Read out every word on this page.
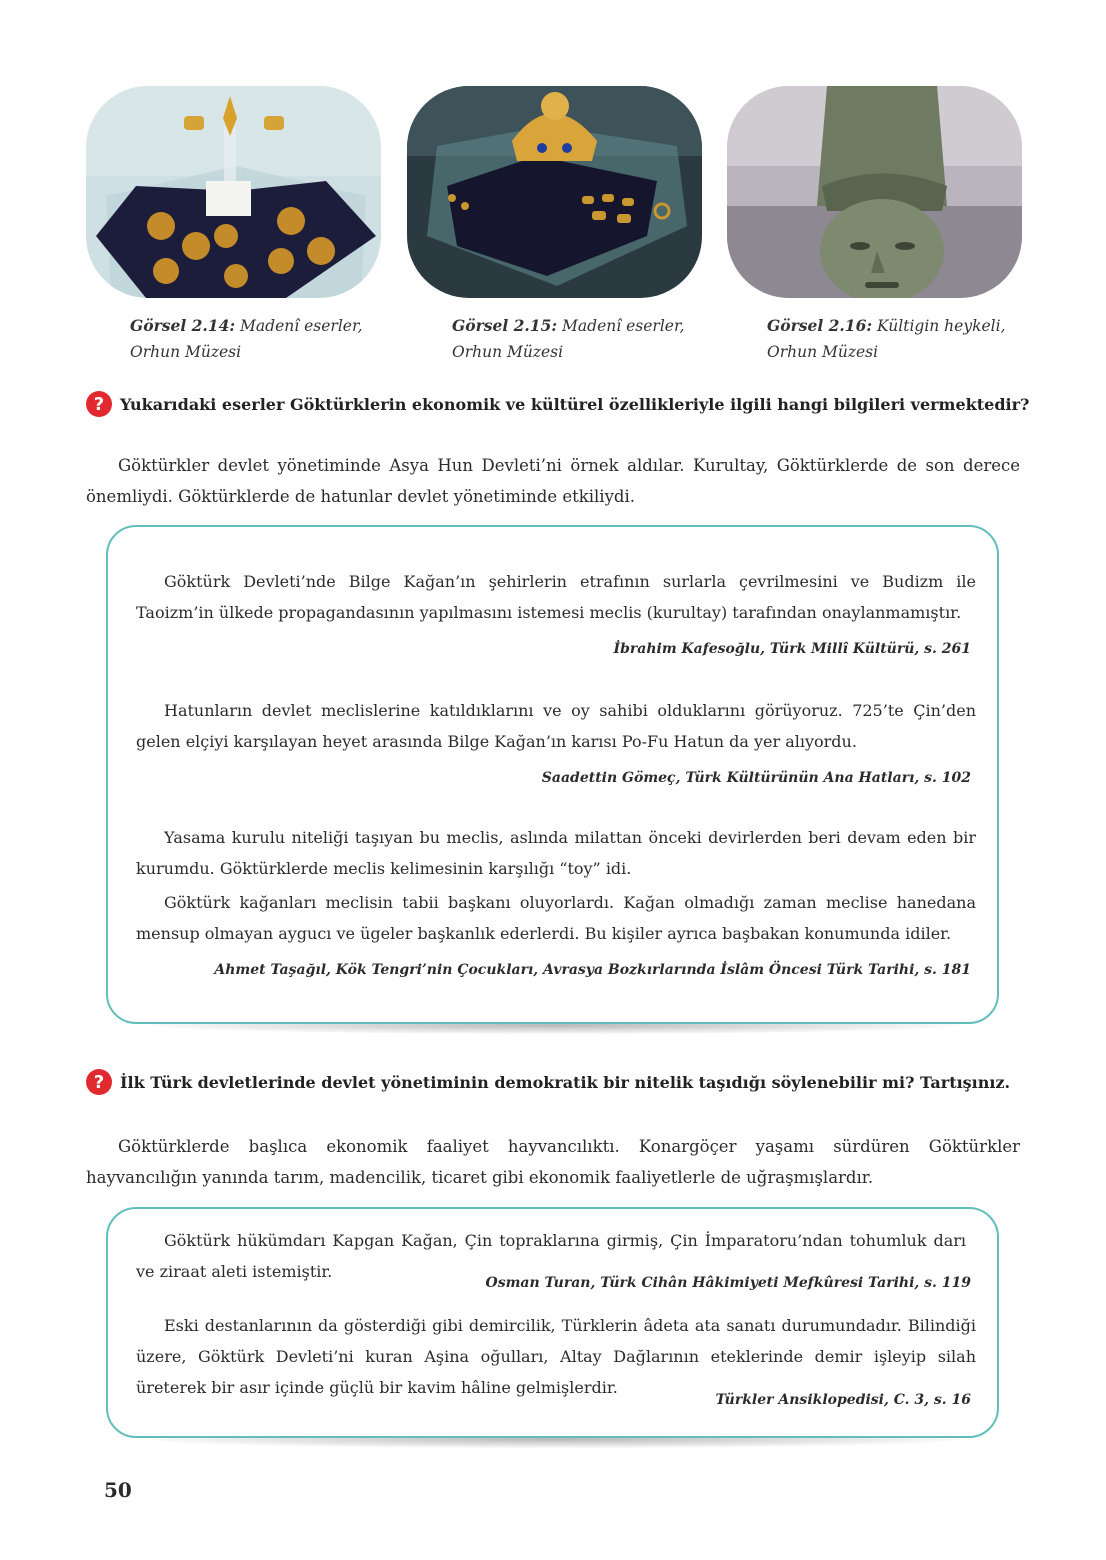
Görsel 2.14: Madenî eserler,
Orhun Müzesi
Görsel 2.15: Madenî eserler,
Orhun Müzesi
Görsel 2.16: Kültigin heykeli,
Orhun Müzesi
? Yukarıdaki eserler Göktürklerin ekonomik ve kültürel özellikleriyle ilgili hangi bilgileri vermektedir?

Göktürkler devlet yönetiminde Asya Hun Devleti’ni örnek aldılar. Kurultay, Göktürklerde de son derece önemliydi. Göktürklerde de hatunlar devlet yönetiminde etkiliydi.

Göktürk Devleti’nde Bilge Kağan’ın şehirlerin etrafının surlarla çevrilmesini ve Budizm ile Taoizm’in ülkede propagandasının yapılmasını istemesi meclis (kurultay) tarafından onaylanmamıştır.

İbrahim Kafesoğlu, Türk Millî Kültürü, s. 261

Hatunların devlet meclislerine katıldıklarını ve oy sahibi olduklarını görüyoruz. 725’te Çin’den gelen elçiyi karşılayan heyet arasında Bilge Kağan’ın karısı Po-Fu Hatun da yer alıyordu.

Saadettin Gömeç, Türk Kültürünün Ana Hatları, s. 102

Yasama kurulu niteliği taşıyan bu meclis, aslında milattan önceki devirlerden beri devam eden bir kurumdu. Göktürklerde meclis kelimesinin karşılığı “toy” idi.

Göktürk kağanları meclisin tabii başkanı oluyorlardı. Kağan olmadığı zaman meclise hanedana mensup olmayan aygucı ve ügeler başkanlık ederlerdi. Bu kişiler ayrıca başbakan konumunda idiler.

Ahmet Taşağıl, Kök Tengri’nin Çocukları, Avrasya Bozkırlarında İslâm Öncesi Türk Tarihi, s. 181
? İlk Türk devletlerinde devlet yönetiminin demokratik bir nitelik taşıdığı söylenebilir mi? Tartışınız.

Göktürklerde başlıca ekonomik faaliyet hayvancılıktı. Konargöçer yaşamı sürdüren Göktürkler hayvancılığın yanında tarım, madencilik, ticaret gibi ekonomik faaliyetlerle de uğraşmışlardır.

Göktürk hükümdarı Kapgan Kağan, Çin topraklarına girmiş, Çin İmparatoru’ndan tohumluk darı ve ziraat aleti istemiştir.

Osman Turan, Türk Cihân Hâkimiyeti Mefkûresi Tarihi, s. 119

Eski destanlarının da gösterdiği gibi demircilik, Türklerin âdeta ata sanatı durumundadır. Bilindiği üzere, Göktürk Devleti’ni kuran Aşina oğulları, Altay Dağlarının eteklerinde demir işleyip silah üreterek bir asır içinde güçlü bir kavim hâline gelmişlerdir.

Türkler Ansiklopedisi, C. 3, s. 16
50
